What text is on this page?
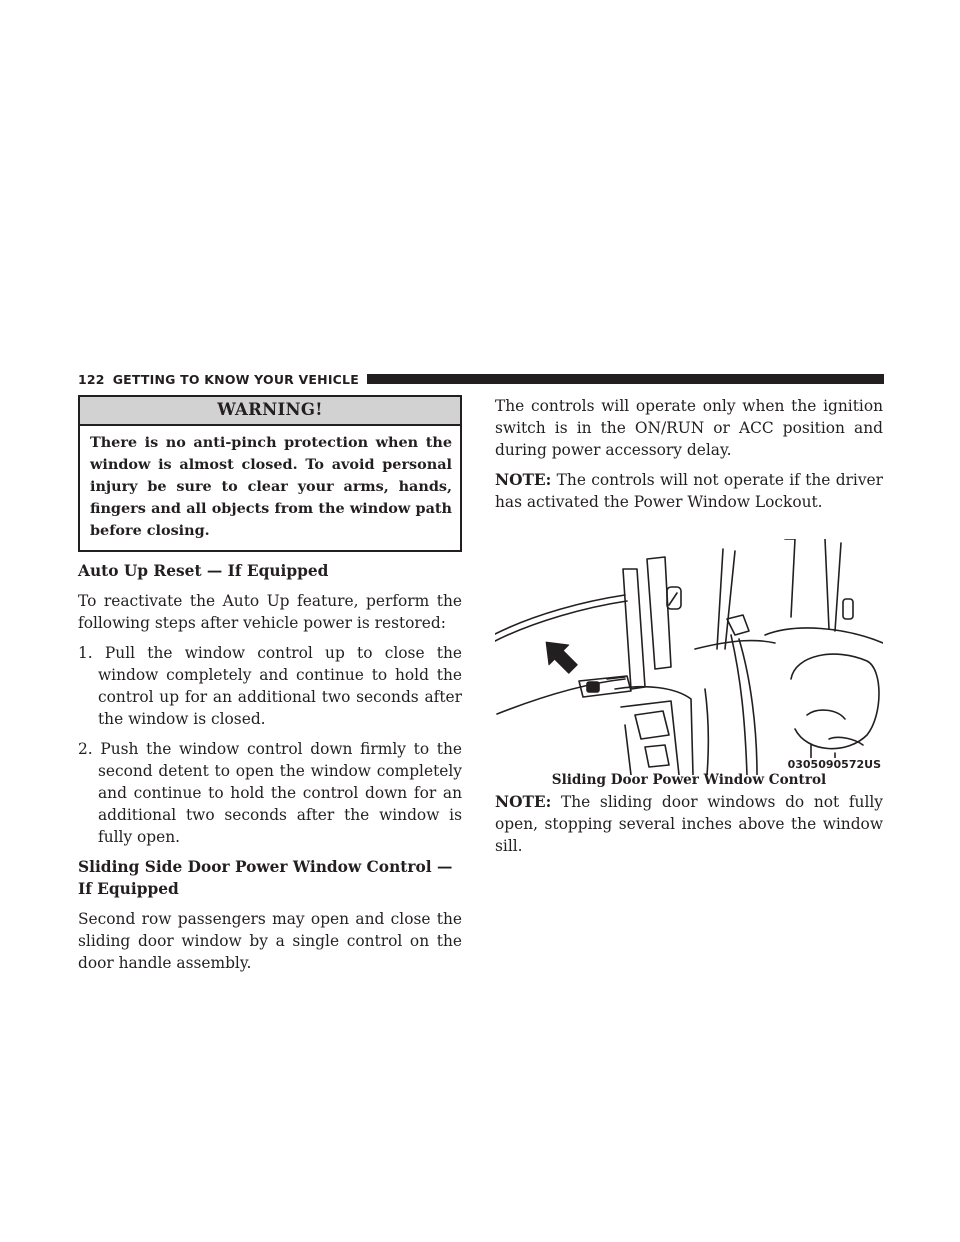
122 GETTING TO KNOW YOUR VEHICLE
WARNING!
There is no anti-pinch protection when the window is almost closed. To avoid personal injury be sure to clear your arms, hands, fingers and all objects from the window path before closing.
Auto Up Reset — If Equipped

To reactivate the Auto Up feature, perform the following steps after vehicle power is restored:

1. Pull the window control up to close the window completely and continue to hold the control up for an additional two seconds after the window is closed.
2. Push the window control down firmly to the second detent to open the window completely and continue to hold the control down for an additional two seconds after the window is fully open.
Sliding Side Door Power Window Control —
If Equipped

Second row passengers may open and close the sliding door window by a single control on the door handle assembly.

The controls will operate only when the ignition switch is in the ON/RUN or ACC position and during power accessory delay.

NOTE: The controls will not operate if the driver has activated the Power Window Lockout.

0305090572US
Sliding Door Power Window Control

NOTE: The sliding door windows do not fully open, stopping several inches above the window sill.
